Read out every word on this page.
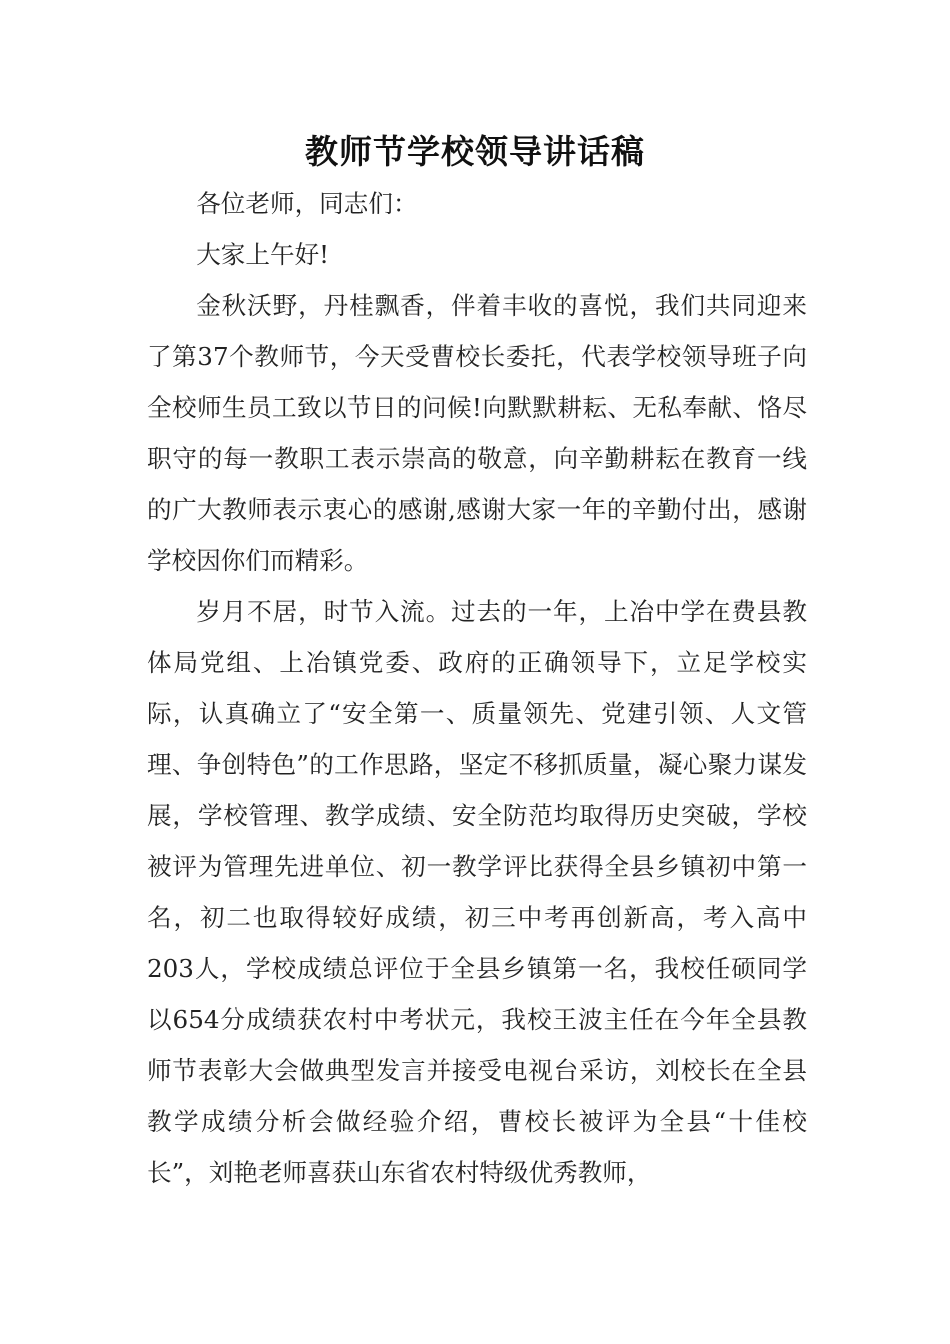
教师节学校领导讲话稿

各位老师，同志们：

大家上午好!

金秋沃野，丹桂飘香，伴着丰收的喜悦，我们共同迎来了第37个教师节，今天受曹校长委托，代表学校领导班子向全校师生员工致以节日的问候!向默默耕耘、无私奉献、恪尽职守的每一教职工表示崇高的敬意，向辛勤耕耘在教育一线的广大教师表示衷心的感谢,感谢大家一年的辛勤付出，感谢学校因你们而精彩。

岁月不居，时节入流。过去的一年，上冶中学在费县教体局党组、上冶镇党委、政府的正确领导下，立足学校实际，认真确立了“安全第一、质量领先、党建引领、人文管理、争创特色”的工作思路，坚定不移抓质量，凝心聚力谋发展，学校管理、教学成绩、安全防范均取得历史突破，学校被评为管理先进单位、初一教学评比获得全县乡镇初中第一名，初二也取得较好成绩，初三中考再创新高，考入高中203人，学校成绩总评位于全县乡镇第一名，我校任硕同学以654分成绩获农村中考状元，我校王波主任在今年全县教师节表彰大会做典型发言并接受电视台采访，刘校长在全县教学成绩分析会做经验介绍，曹校长被评为全县“十佳校长”，刘艳老师喜获山东省农村特级优秀教师，
